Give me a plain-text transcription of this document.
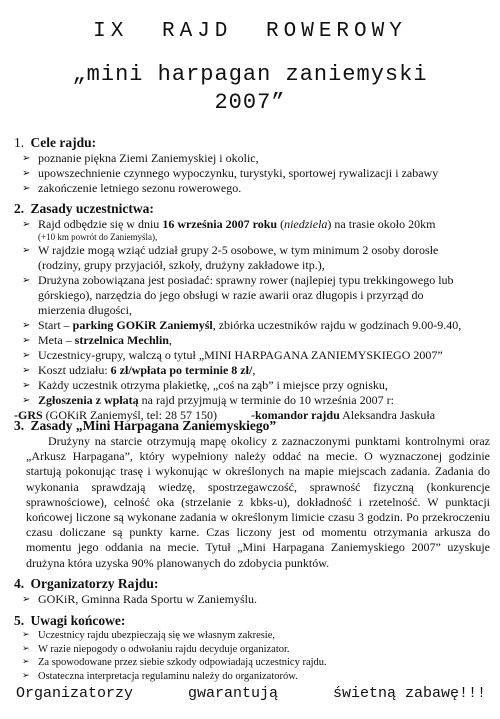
IX RAJD ROWEROWY
„mini harpagan zaniemyski
2007”
1. Cele rajdu:
➢ poznanie piękna Ziemi Zaniemyskiej i okolic,
➢ upowszechnienie czynnego wypoczynku, turystyki, sportowej rywalizacji i zabawy
➢ zakończenie letniego sezonu rowerowego.
2. Zasady uczestnictwa:
➢ Rajd odbędzie się w dniu 16 września 2007 roku (niedziela) na trasie około 20km
(+10 km powrót do Zaniemyśla),
➢ W rajdzie mogą wziąć udział grupy 2-5 osobowe, w tym minimum 2 osoby dorosłe
(rodziny, grupy przyjaciół, szkoły, drużyny zakładowe itp.),
➢ Drużyna zobowiązana jest posiadać: sprawny rower (najlepiej typu trekkingowego lub
górskiego), narzędzia do jego obsługi w razie awarii oraz długopis i przyrząd do
mierzenia długości,
➢ Start – parking GOKiR Zaniemyśl, zbiórka uczestników rajdu w godzinach 9.00-9.40,
➢ Meta – strzelnica Mechlin,
➢ Uczestnicy-grupy, walczą o tytuł „MINI HARPAGANA ZANIEMYSKIEGO 2007”
➢ Koszt udziału: 6 zł/wpłata po terminie 8 zł/,
➢ Każdy uczestnik otrzyma plakietkę, „coś na ząb” i miejsce przy ognisku,
➢ Zgłoszenia z wpłatą na rajd przyjmują w terminie do 10 września 2007 r:
-GRS (GOKiR Zaniemyśl, tel: 28 57 150)	-komandor rajdu Aleksandra Jaskuła
3. Zasady „Mini Harpagana Zaniemyskiego”
Drużyny na starcie otrzymują mapę okolicy z zaznaczonymi punktami kontrolnymi oraz „Arkusz Harpagana”, który wypełniony należy oddać na mecie. O wyznaczonej godzinie startują pokonując trasę i wykonując w określonych na mapie miejscach zadania. Zadania do wykonania sprawdzają wiedzę, spostrzegawczość, sprawność fizyczną (konkurencje sprawnościowe), celność oka (strzelanie z kbks-u), dokładność i rzetelność. W punktacji końcowej liczone są wykonane zadania w określonym limicie czasu 3 godzin. Po przekroczeniu czasu doliczane są punkty karne. Czas liczony jest od momentu otrzymania arkusza do momentu jego oddania na mecie. Tytuł „Mini Harpagana Zaniemyskiego 2007” uzyskuje drużyna która uzyska 90% planowanych do zdobycia punktów.
4. Organizatorzy Rajdu:
➢ GOKiR, Gminna Rada Sportu w Zaniemyślu.
5. Uwagi końcowe:
➢ Uczestnicy rajdu ubezpieczają się we własnym zakresie,
➢ W razie niepogody o odwołaniu rajdu decyduje organizator.
➢ Za spowodowane przez siebie szkody odpowiadają uczestnicy rajdu.
➢ Ostateczna interpretacja regulaminu należy do organizatorów.
Organizatorzy	gwarantują	świetną zabawę!!!
